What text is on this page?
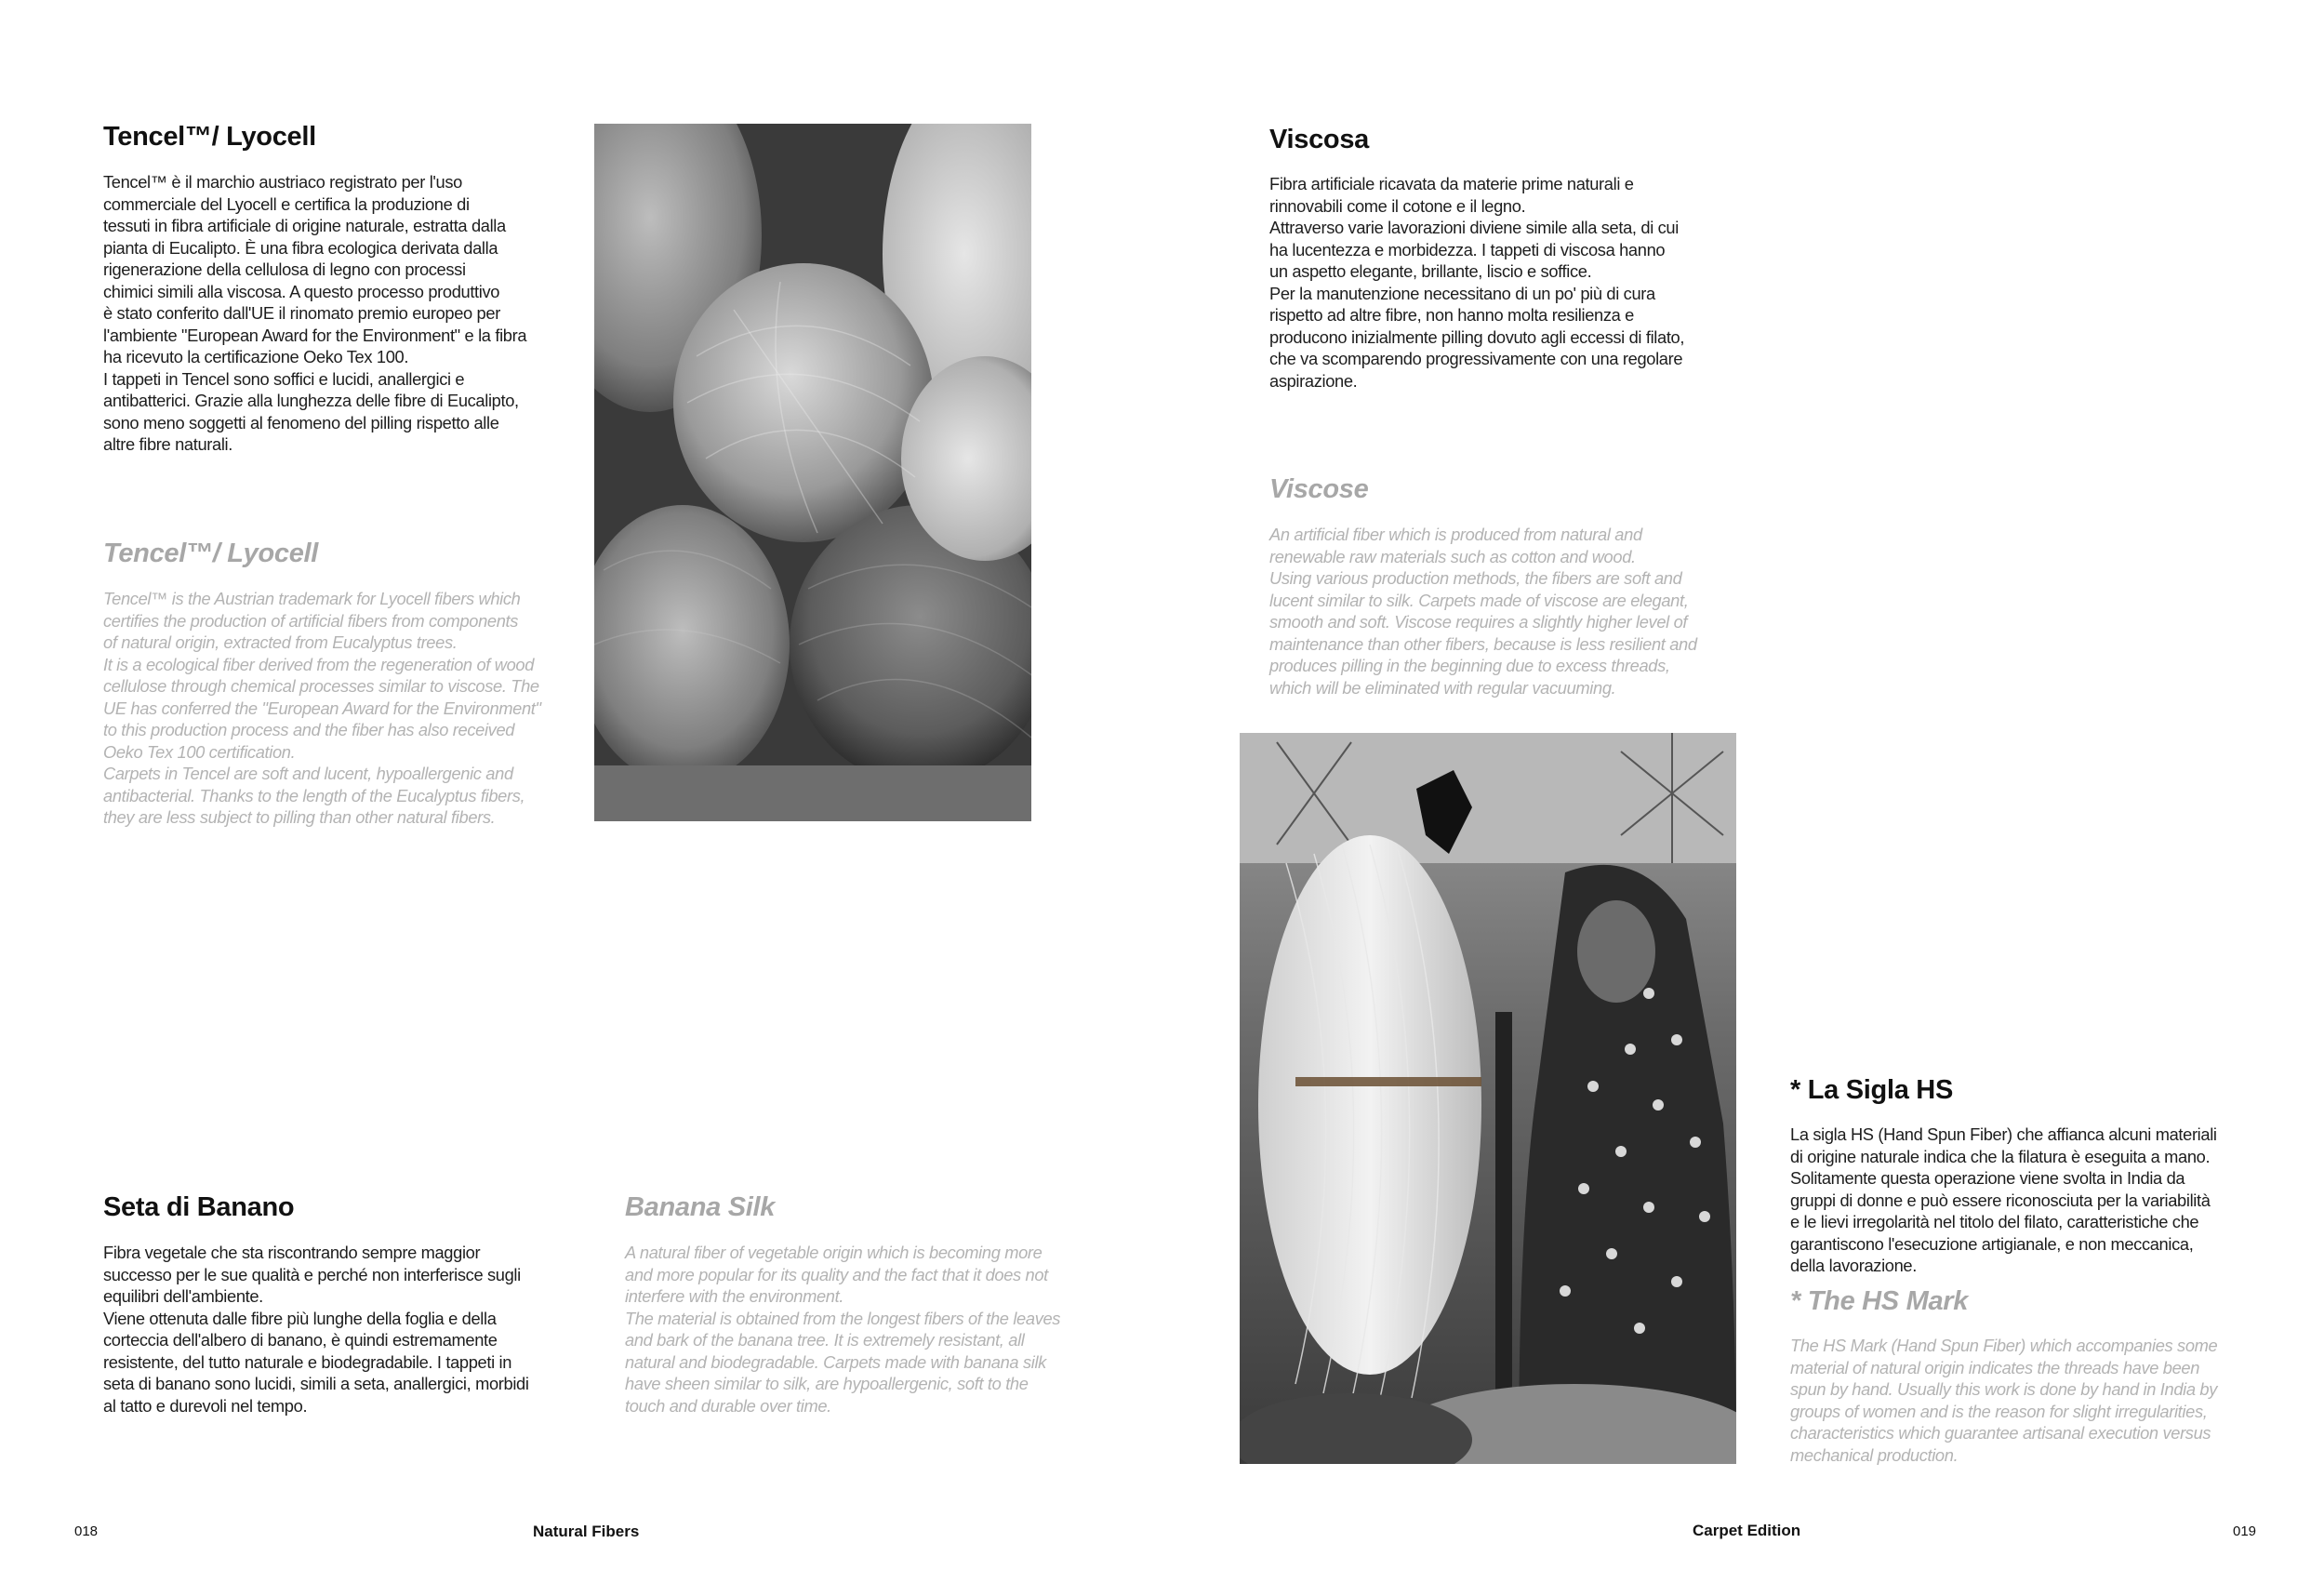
Tencel™/ Lyocell

Tencel™ è il marchio austriaco registrato per l'uso
commerciale del Lyocell e certifica la produzione di
tessuti in fibra artificiale di origine naturale, estratta dalla
pianta di Eucalipto. È una fibra ecologica derivata dalla
rigenerazione della cellulosa di legno con processi
chimici simili alla viscosa. A questo processo produttivo
è stato conferito dall'UE il rinomato premio europeo per
l'ambiente "European Award for the Environment" e la fibra
ha ricevuto la certificazione Oeko Tex 100.
I tappeti in Tencel sono soffici e lucidi, anallergici e
antibatterici. Grazie alla lunghezza delle fibre di Eucalipto,
sono meno soggetti al fenomeno del pilling rispetto alle
altre fibre naturali.

Tencel™/ Lyocell

Tencel™ is the Austrian trademark for Lyocell fibers which
certifies the production of artificial fibers from components
of natural origin, extracted from Eucalyptus trees.
It is a ecological fiber derived from the regeneration of wood
cellulose through chemical processes similar to viscose. The
UE has conferred the "European Award for the Environment"
to this production process and the fiber has also received
Oeko Tex 100 certification.
Carpets in Tencel are soft and lucent, hypoallergenic and
antibacterial. Thanks to the length of the Eucalyptus fibers,
they are less subject to pilling than other natural fibers.

Seta di Banano

Fibra vegetale che sta riscontrando sempre maggior
successo per le sue qualità e perché non interferisce sugli
equilibri dell'ambiente.
Viene ottenuta dalle fibre più lunghe della foglia e della
corteccia dell'albero di banano, è quindi estremamente
resistente, del tutto naturale e biodegradabile. I tappeti in
seta di banano sono lucidi, simili a seta, anallergici, morbidi
al tatto e durevoli nel tempo.

Banana Silk

A natural fiber of vegetable origin which is becoming more
and more popular for its quality and the fact that it does not
interfere with the environment.
The material is obtained from the longest fibers of the leaves
and bark of the banana tree. It is extremely resistant, all
natural and biodegradable. Carpets made with banana silk
have sheen similar to silk, are hypoallergenic, soft to the
touch and durable over time.

Viscosa

Fibra artificiale ricavata da materie prime naturali e
rinnovabili come il cotone e il legno.
Attraverso varie lavorazioni diviene simile alla seta, di cui
ha lucentezza e morbidezza. I tappeti di viscosa hanno
un aspetto elegante, brillante, liscio e soffice.
Per la manutenzione necessitano di un po' più di cura
rispetto ad altre fibre, non hanno molta resilienza e
producono inizialmente pilling dovuto agli eccessi di filato,
che va scomparendo progressivamente con una regolare
aspirazione.

Viscose

An artificial fiber which is produced from natural and
renewable raw materials such as cotton and wood.
Using various production methods, the fibers are soft and
lucent similar to silk. Carpets made of viscose are elegant,
smooth and soft. Viscose requires a slightly higher level of
maintenance than other fibers, because is less resilient and
produces pilling in the beginning due to excess threads,
which will be eliminated with regular vacuuming.

* La Sigla HS

La sigla HS (Hand Spun Fiber) che affianca alcuni materiali
di origine naturale indica che la filatura è eseguita a mano.
Solitamente questa operazione viene svolta in India da
gruppi di donne e può essere riconosciuta per la variabilità
e le lievi irregolarità nel titolo del filato, caratteristiche che
garantiscono l'esecuzione artigianale, e non meccanica,
della lavorazione.

* The HS Mark

The HS Mark (Hand Spun Fiber) which accompanies some
material of natural origin indicates the threads have been
spun by hand. Usually this work is done by hand in India by
groups of women and is the reason for slight irregularities,
characteristics which guarantee artisanal execution versus
mechanical production.

018	Natural Fibers	Carpet Edition	019
